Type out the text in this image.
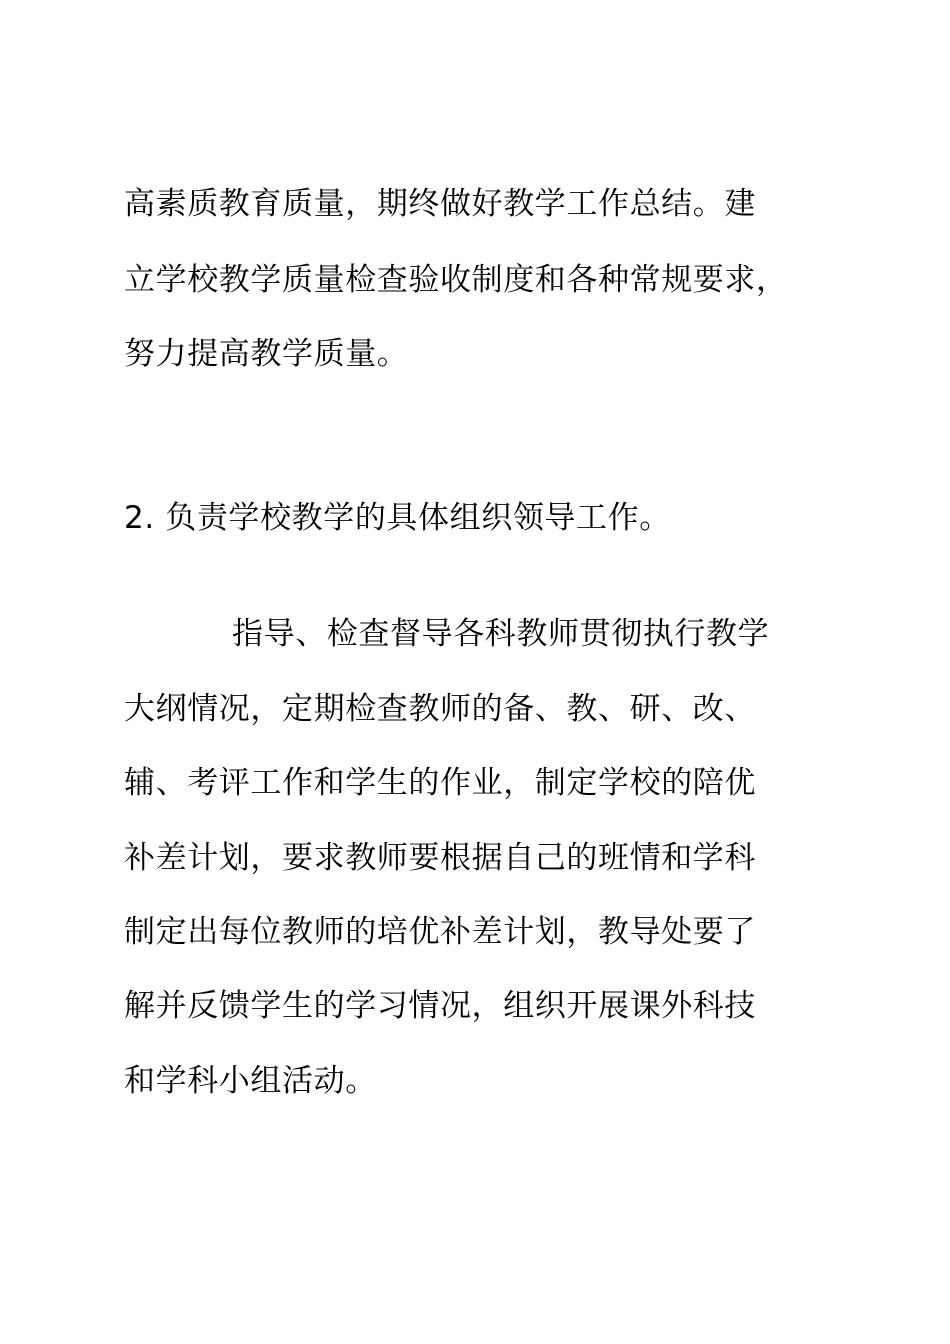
高素质教育质量，期终做好教学工作总结。建
立学校教学质量检查验收制度和各种常规要求，
努力提高教学质量。
2. 负责学校教学的具体组织领导工作。
指导、检查督导各科教师贯彻执行教学
大纲情况，定期检查教师的备、教、研、改、
辅、考评工作和学生的作业，制定学校的陪优
补差计划，要求教师要根据自己的班情和学科
制定出每位教师的培优补差计划，教导处要了
解并反馈学生的学习情况，组织开展课外科技
和学科小组活动。
